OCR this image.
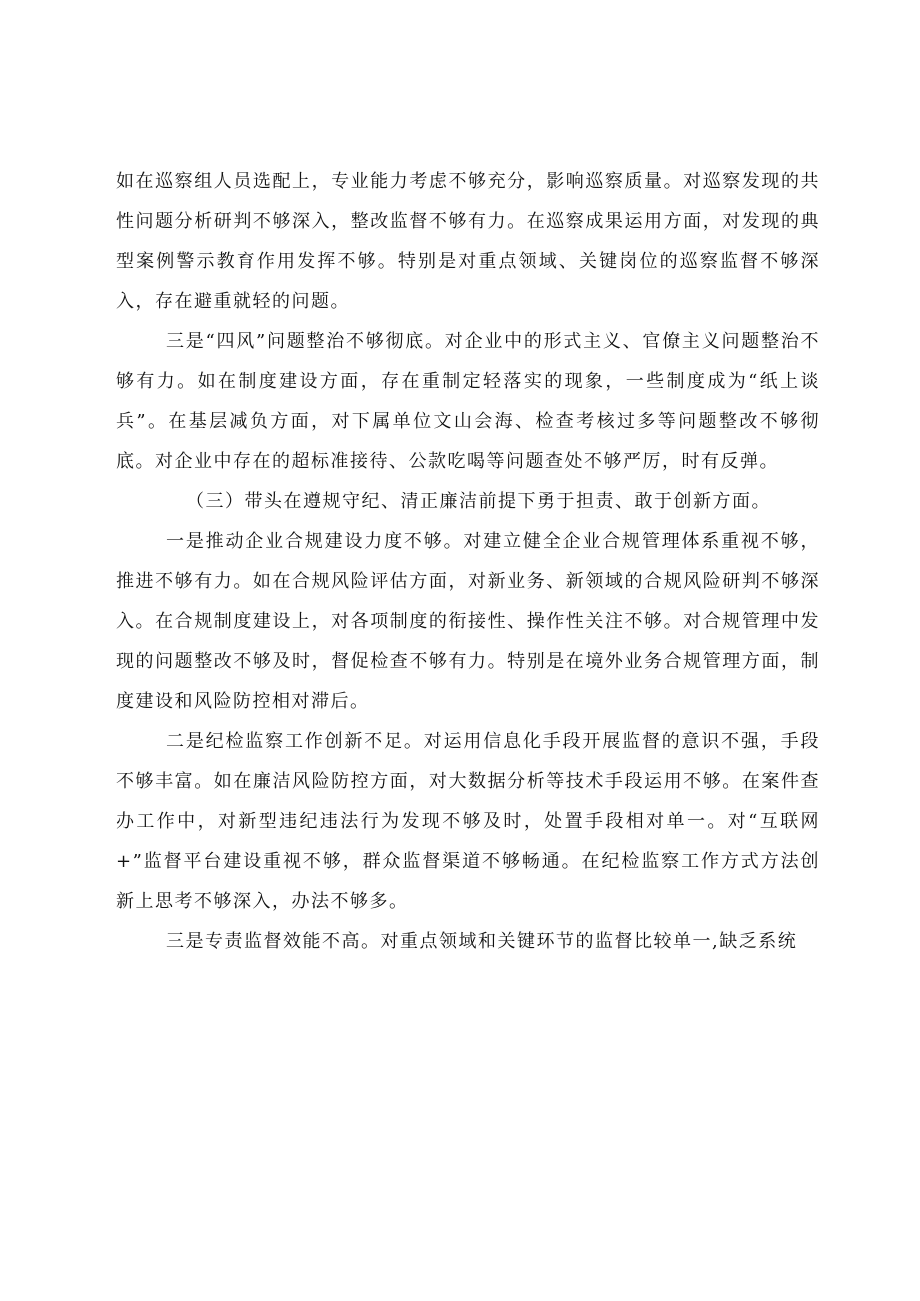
如在巡察组人员选配上，专业能力考虑不够充分，影响巡察质量。对巡察发现的共性问题分析研判不够深入，整改监督不够有力。在巡察成果运用方面，对发现的典型案例警示教育作用发挥不够。特别是对重点领域、关键岗位的巡察监督不够深入，存在避重就轻的问题。

三是“四风”问题整治不够彻底。对企业中的形式主义、官僚主义问题整治不够有力。如在制度建设方面，存在重制定轻落实的现象，一些制度成为“纸上谈兵”。在基层减负方面，对下属单位文山会海、检查考核过多等问题整改不够彻底。对企业中存在的超标准接待、公款吃喝等问题查处不够严厉，时有反弹。

（三）带头在遵规守纪、清正廉洁前提下勇于担责、敢于创新方面。

一是推动企业合规建设力度不够。对建立健全企业合规管理体系重视不够，推进不够有力。如在合规风险评估方面，对新业务、新领域的合规风险研判不够深入。在合规制度建设上，对各项制度的衔接性、操作性关注不够。对合规管理中发现的问题整改不够及时，督促检查不够有力。特别是在境外业务合规管理方面，制度建设和风险防控相对滞后。

二是纪检监察工作创新不足。对运用信息化手段开展监督的意识不强，手段不够丰富。如在廉洁风险防控方面，对大数据分析等技术手段运用不够。在案件查办工作中，对新型违纪违法行为发现不够及时，处置手段相对单一。对“互联网+”监督平台建设重视不够，群众监督渠道不够畅通。在纪检监察工作方式方法创新上思考不够深入，办法不够多。

三是专责监督效能不高。对重点领域和关键环节的监督比较单一,缺乏系统
